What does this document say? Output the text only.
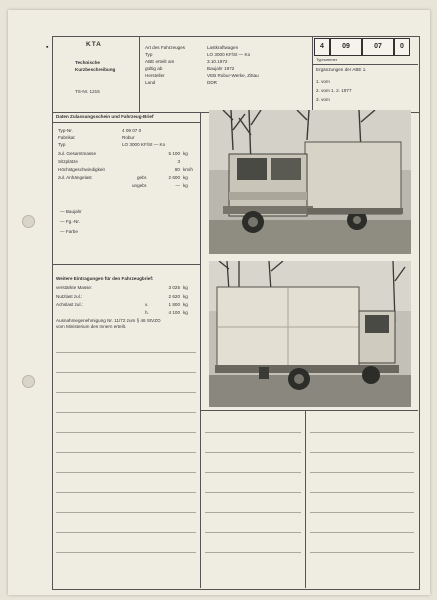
▪	KTA
Technische
Kurzbeschreibung
TS-Nr. 1215
Art des Fahrzeuges	Lastkraftwagen
Typ	LO 3000 KF/St — Ko
ABE erteilt am	3.10.1972
gültig ab	Baujahr 1972
Hersteller	VEB Robur-Werke, Zittau
Land	DDR
4	09	07	0
Typnummer
Ergänzungen der ABE 1.
1. vom
2. vom 1. 2. 1977
3. vom
Daten Zulassungsschein und Fahrzeug-Brief
Typ-Nr.	4 09 07 0
Fabrikat	Robur
Typ	LO 3000 KF/St — Ko
zul. Gesamtmasse	5 100 kg
Sitzplätze	3
Höchstgeschwindigkeit	80 km/h
zul. Anhängelast	gebr.	2 600 kg
ungebr.	— kg
— Baujahr
— Fg.-Nr.
— Farbe
Weitere Eintragungen für den Fahrzeugbrief:
verstärkte Masse:	3 025 kg
Nutzlast zul.:	2 620 kg
Achslast zul.:	v.	1 800 kg
h.	4 100 kg
Ausnahmegenehmigung Nr. 11/72 zum § 46 StVZO
vom Ministerium des Innern erteilt.
